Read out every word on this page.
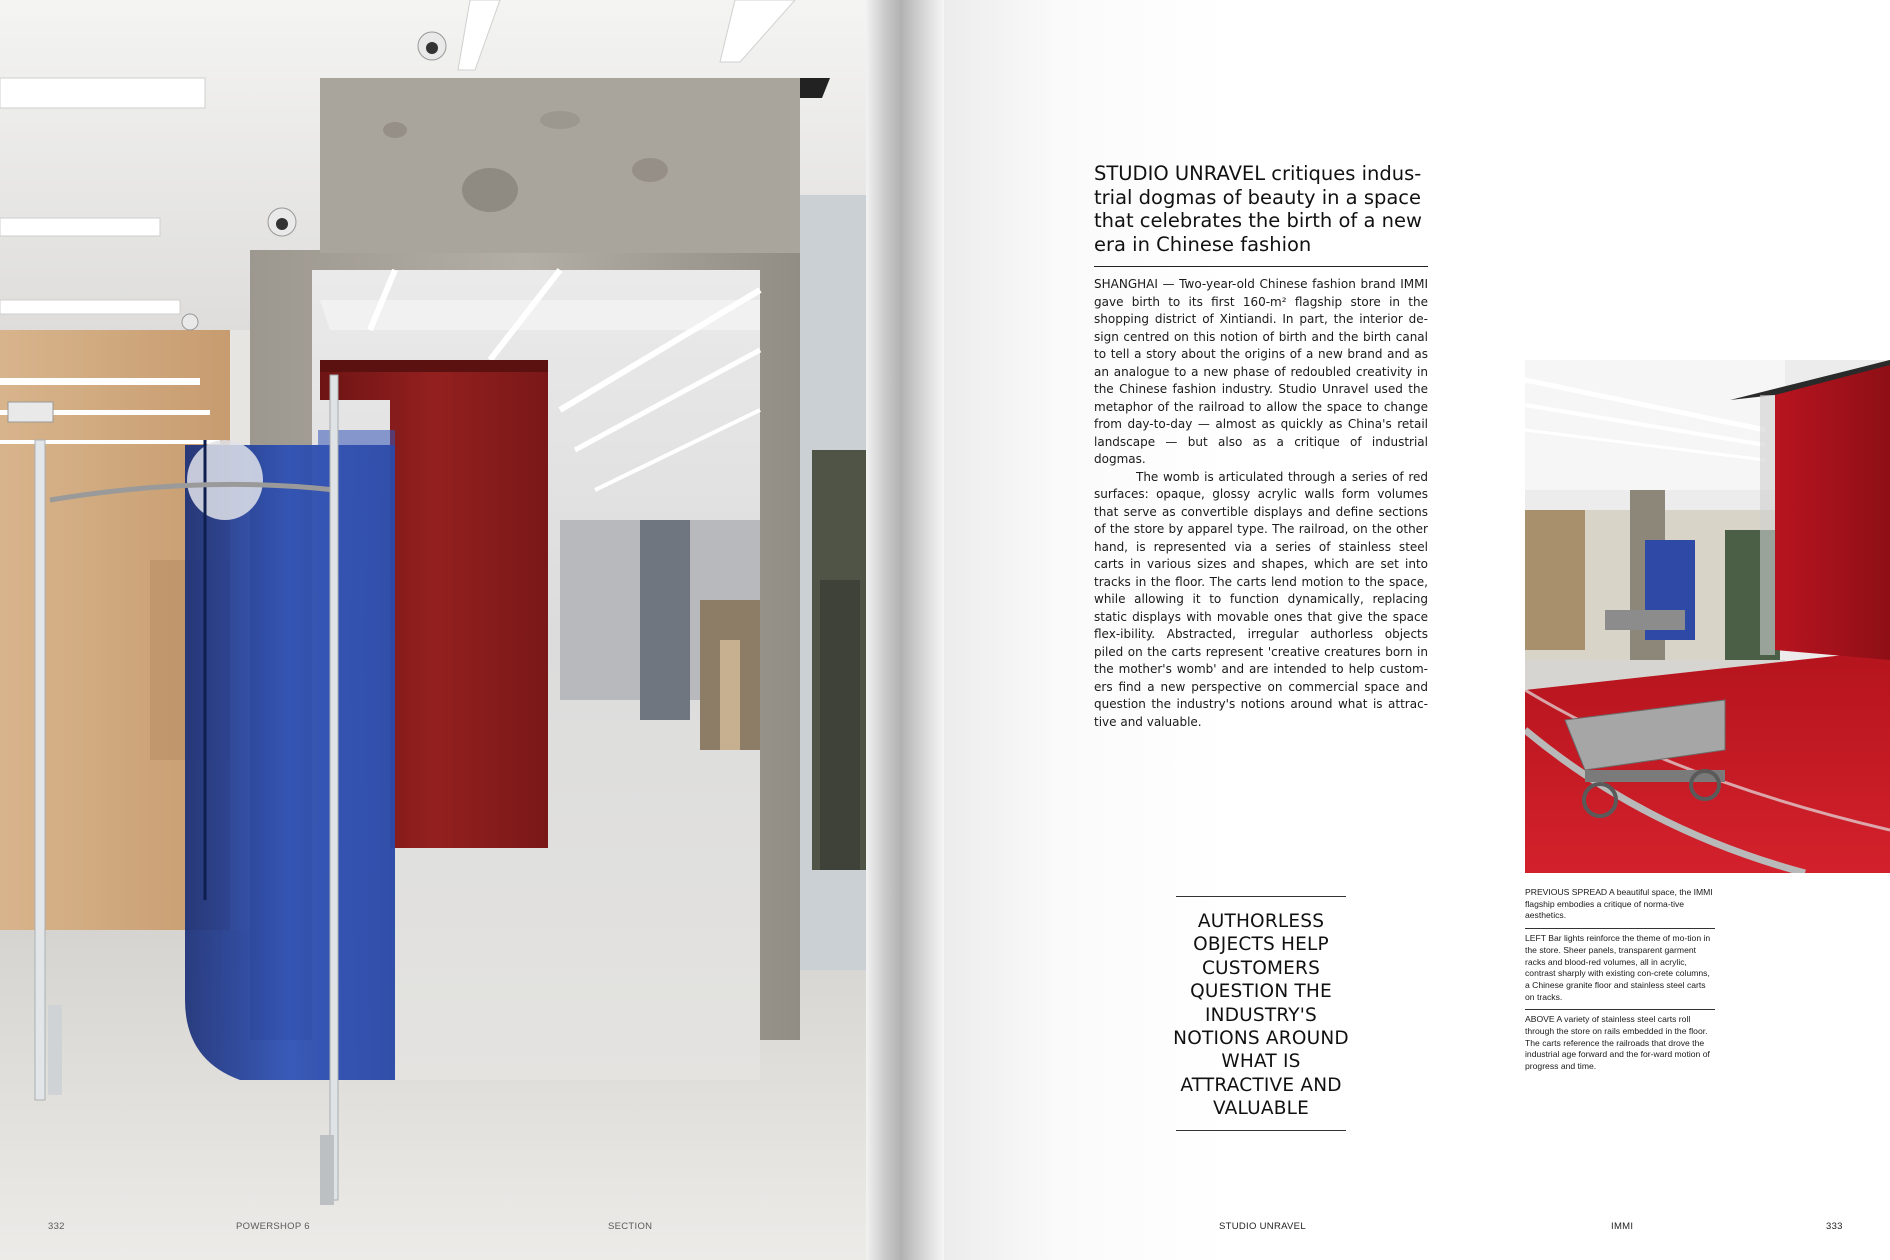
STUDIO UNRAVEL critiques indus-trial dogmas of beauty in a space that celebrates the birth of a new era in Chinese fashion

SHANGHAI — Two-year-old Chinese fashion brand IMMI gave birth to its first 160-m² flagship store in the shopping district of Xintiandi. In part, the interior de-sign centred on this notion of birth and the birth canal to tell a story about the origins of a new brand and as an analogue to a new phase of redoubled creativity in the Chinese fashion industry. Studio Unravel used the metaphor of the railroad to allow the space to change from day-to-day — almost as quickly as China's retail landscape — but also as a critique of industrial dogmas.

The womb is articulated through a series of red surfaces: opaque, glossy acrylic walls form volumes that serve as convertible displays and define sections of the store by apparel type. The railroad, on the other hand, is represented via a series of stainless steel carts in various sizes and shapes, which are set into tracks in the floor. The carts lend motion to the space, while allowing it to function dynamically, replacing static displays with movable ones that give the space flex-ibility. Abstracted, irregular authorless objects piled on the carts represent 'creative creatures born in the mother's womb' and are intended to help custom-ers find a new perspective on commercial space and question the industry's notions around what is attrac-tive and valuable.

AUTHORLESS OBJECTS HELP CUSTOMERS QUESTION THE INDUSTRY'S NOTIONS AROUND WHAT IS ATTRACTIVE AND VALUABLE

PREVIOUS SPREAD A beautiful space, the IMMI flagship embodies a critique of norma-tive aesthetics.

LEFT Bar lights reinforce the theme of mo-tion in the store. Sheer panels, transparent garment racks and blood-red volumes, all in acrylic, contrast sharply with existing con-crete columns, a Chinese granite floor and stainless steel carts on tracks.

ABOVE A variety of stainless steel carts roll through the store on rails embedded in the floor. The carts reference the railroads that drove the industrial age forward and the for-ward motion of progress and time.

332	POWERSHOP 6	SECTION	STUDIO UNRAVEL	IMMI	333
